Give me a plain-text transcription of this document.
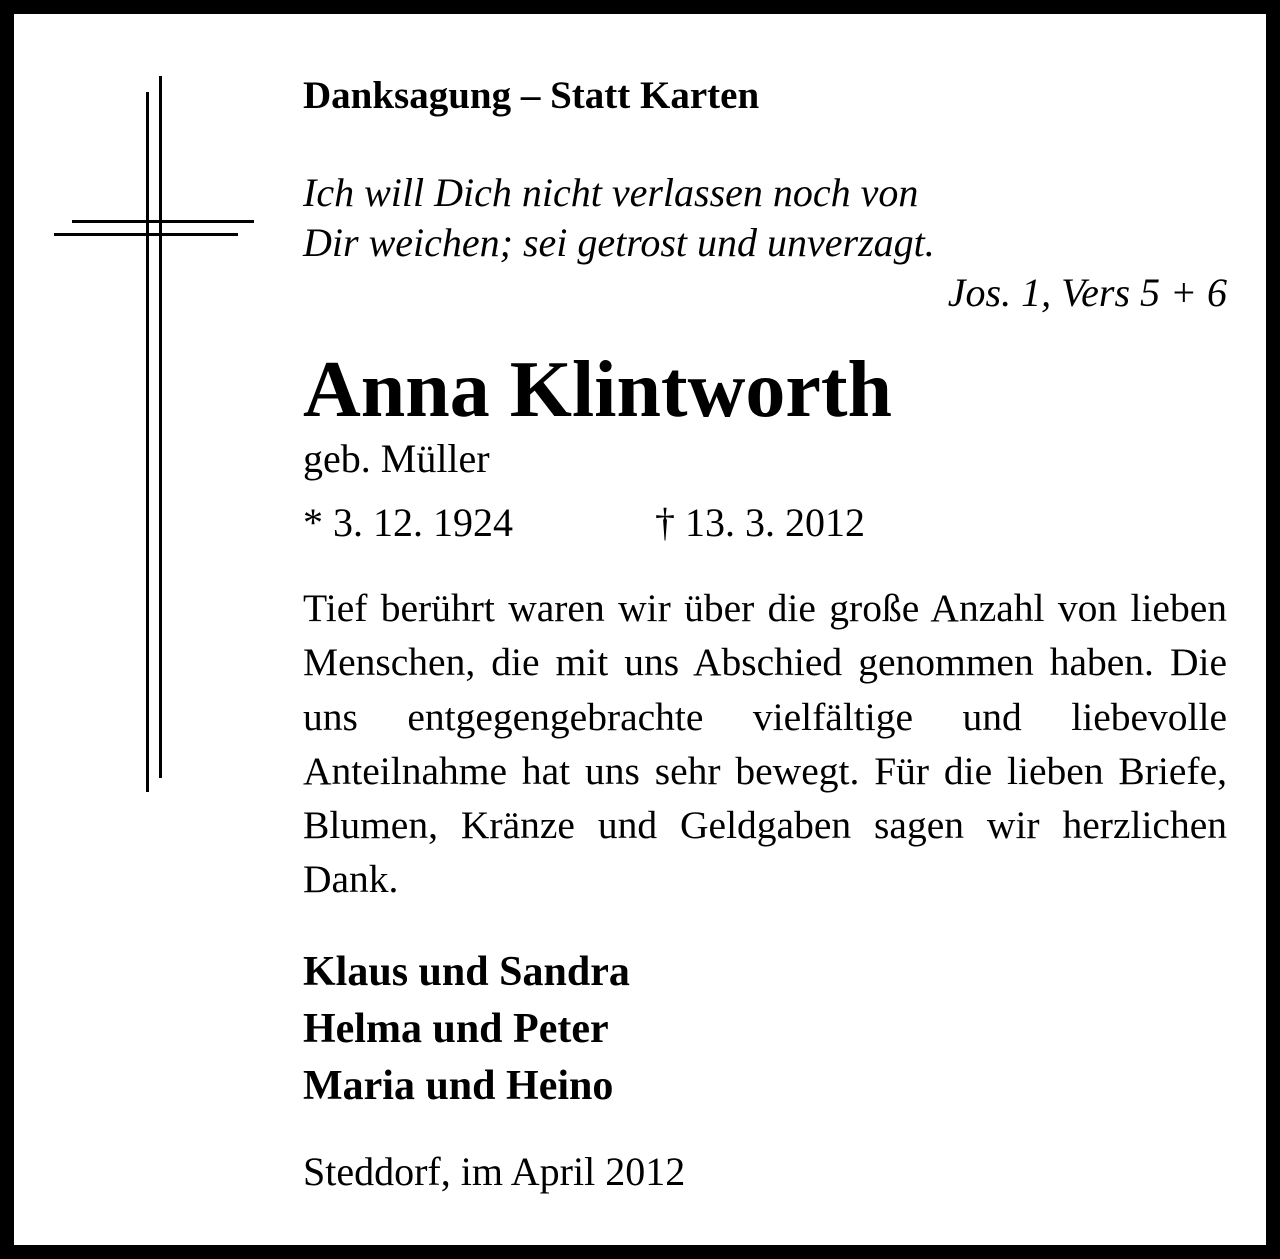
Danksagung – Statt Karten

Ich will Dich nicht verlassen noch von
Dir weichen; sei getrost und unverzagt.
Jos. 1, Vers 5 + 6

Anna Klintworth

geb. Müller

* 3. 12. 1924	† 13. 3. 2012

Tief berührt waren wir über die große Anzahl von lieben Menschen, die mit uns Abschied genommen haben. Die uns entgegengebrachte vielfältige und liebevolle Anteilnahme hat uns sehr bewegt. Für die lieben Briefe, Blumen, Kränze und Geldgaben sagen wir herzlichen Dank.

Klaus und Sandra
Helma und Peter
Maria und Heino

Steddorf, im April 2012
